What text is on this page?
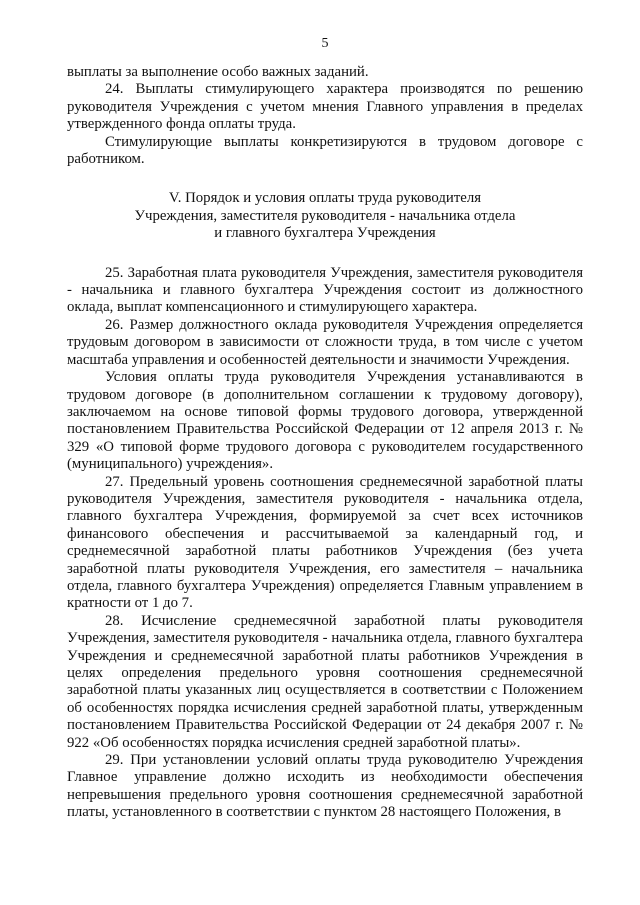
5

выплаты за выполнение особо важных заданий.

24. Выплаты стимулирующего характера производятся по решению руководителя Учреждения с учетом мнения Главного управления в пределах утвержденного фонда оплаты труда.

Стимулирующие выплаты конкретизируются в трудовом договоре с работником.

V. Порядок и условия оплаты труда руководителя
Учреждения, заместителя руководителя - начальника отдела
и главного бухгалтера Учреждения

25. Заработная плата руководителя Учреждения, заместителя руководителя - начальника и главного бухгалтера Учреждения состоит из должностного оклада, выплат компенсационного и стимулирующего характера.

26. Размер должностного оклада руководителя Учреждения определяется трудовым договором в зависимости от сложности труда, в том числе с учетом масштаба управления и особенностей деятельности и значимости Учреждения.

Условия оплаты труда руководителя Учреждения устанавливаются в трудовом договоре (в дополнительном соглашении к трудовому договору), заключаемом на основе типовой формы трудового договора, утвержденной постановлением Правительства Российской Федерации от 12 апреля 2013 г. № 329 «О типовой форме трудового договора с руководителем государственного (муниципального) учреждения».

27. Предельный уровень соотношения среднемесячной заработной платы руководителя Учреждения, заместителя руководителя - начальника отдела, главного бухгалтера Учреждения, формируемой за счет всех источников финансового обеспечения и рассчитываемой за календарный год, и среднемесячной заработной платы работников Учреждения (без учета заработной платы руководителя Учреждения, его заместителя – начальника отдела, главного бухгалтера Учреждения) определяется Главным управлением в кратности от 1 до 7.

28. Исчисление среднемесячной заработной платы руководителя Учреждения, заместителя руководителя - начальника отдела, главного бухгалтера Учреждения и среднемесячной заработной платы работников Учреждения в целях определения предельного уровня соотношения среднемесячной заработной платы указанных лиц осуществляется в соответствии с Положением об особенностях порядка исчисления средней заработной платы, утвержденным постановлением Правительства Российской Федерации от 24 декабря 2007 г. № 922 «Об особенностях порядка исчисления средней заработной платы».

29. При установлении условий оплаты труда руководителю Учреждения Главное управление должно исходить из необходимости обеспечения непревышения предельного уровня соотношения среднемесячной заработной платы, установленного в соответствии с пунктом 28 настоящего Положения, в
